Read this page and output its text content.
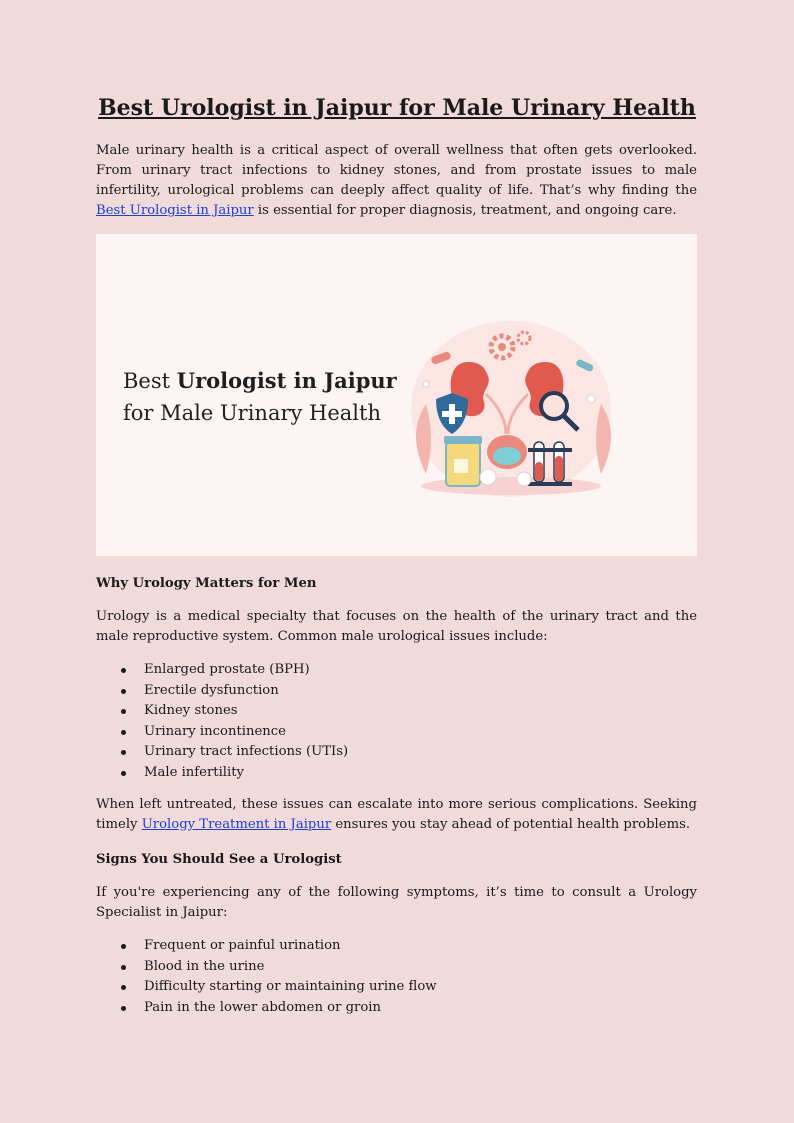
Best Urologist in Jaipur for Male Urinary Health

Male urinary health is a critical aspect of overall wellness that often gets overlooked. From urinary tract infections to kidney stones, and from prostate issues to male infertility, urological problems can deeply affect quality of life. That’s why finding the Best Urologist in Jaipur is essential for proper diagnosis, treatment, and ongoing care.

Best Urologist in Jaipur
for Male Urinary Health
Why Urology Matters for Men

Urology is a medical specialty that focuses on the health of the urinary tract and the male reproductive system. Common male urological issues include:

Enlarged prostate (BPH)
Erectile dysfunction
Kidney stones
Urinary incontinence
Urinary tract infections (UTIs)
Male infertility

When left untreated, these issues can escalate into more serious complications. Seeking timely Urology Treatment in Jaipur ensures you stay ahead of potential health problems.

Signs You Should See a Urologist

If you're experiencing any of the following symptoms, it’s time to consult a Urology Specialist in Jaipur:

Frequent or painful urination
Blood in the urine
Difficulty starting or maintaining urine flow
Pain in the lower abdomen or groin
